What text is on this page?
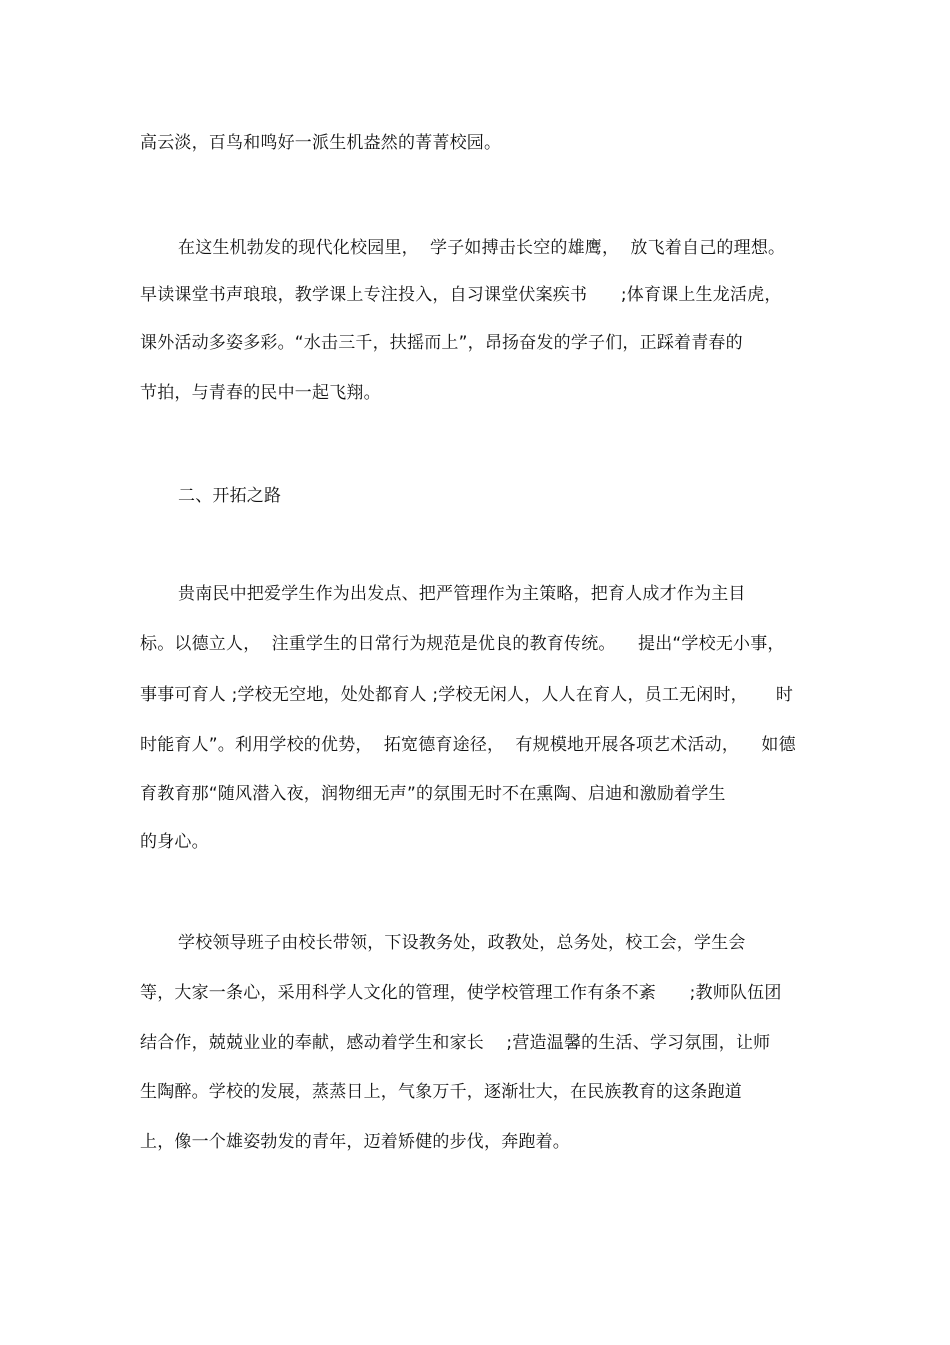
高云淡，百鸟和鸣好一派生机盎然的菁菁校园。
在这生机勃发的现代化校园里，  学子如搏击长空的雄鹰，  放飞着自己的理想。
早读课堂书声琅琅，教学课上专注投入，自习课堂伏案疾书      ;体育课上生龙活虎，
课外活动多姿多彩。“水击三千，扶摇而上”，昂扬奋发的学子们，正踩着青春的
节拍，与青春的民中一起飞翔。
二、开拓之路
贵南民中把爱学生作为出发点、把严管理作为主策略，把育人成才作为主目
标。以德立人，  注重学生的日常行为规范是优良的教育传统。    提出“学校无小事，
事事可育人 ;学校无空地，处处都育人 ;学校无闲人，人人在育人，员工无闲时，     时
时能育人”。利用学校的优势，  拓宽德育途径，  有规模地开展各项艺术活动，    如德
育教育那“随风潜入夜，润物细无声”的氛围无时不在熏陶、启迪和激励着学生
的身心。
学校领导班子由校长带领，下设教务处，政教处，总务处，校工会，学生会
等，大家一条心，采用科学人文化的管理，使学校管理工作有条不紊      ;教师队伍团
结合作，兢兢业业的奉献，感动着学生和家长    ;营造温馨的生活、学习氛围，让师
生陶醉。学校的发展，蒸蒸日上，气象万千，逐渐壮大，在民族教育的这条跑道
上，像一个雄姿勃发的青年，迈着矫健的步伐，奔跑着。
